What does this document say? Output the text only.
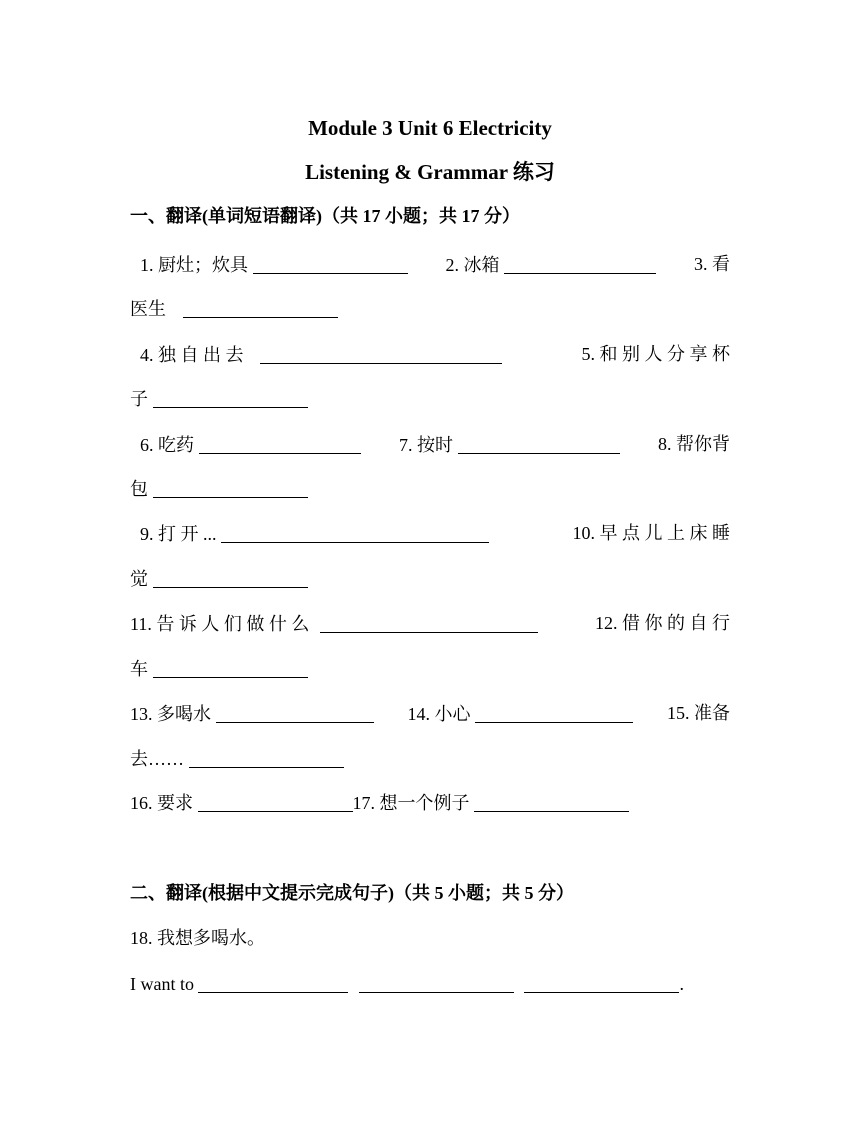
Module 3 Unit 6 Electricity
Listening & Grammar 练习
一、翻译(单词短语翻译)（共 17 小题；共 17 分）
1. 厨灶；炊具	2. 冰箱	3. 看
医生
4. 独 自 出 去	5. 和 别 人 分 享 杯
子
6. 吃药	7. 按时	8. 帮你背
包
9. 打 开 ...	10. 早 点 儿 上 床 睡
觉
11. 告 诉 人 们 做 什 么	12. 借 你 的 自 行
车
13. 多喝水	14. 小心	15. 准备
去……
16. 要求	17. 想一个例子
二、翻译(根据中文提示完成句子)（共 5 小题；共 5 分）
18. 我想多喝水。
I want to	.
